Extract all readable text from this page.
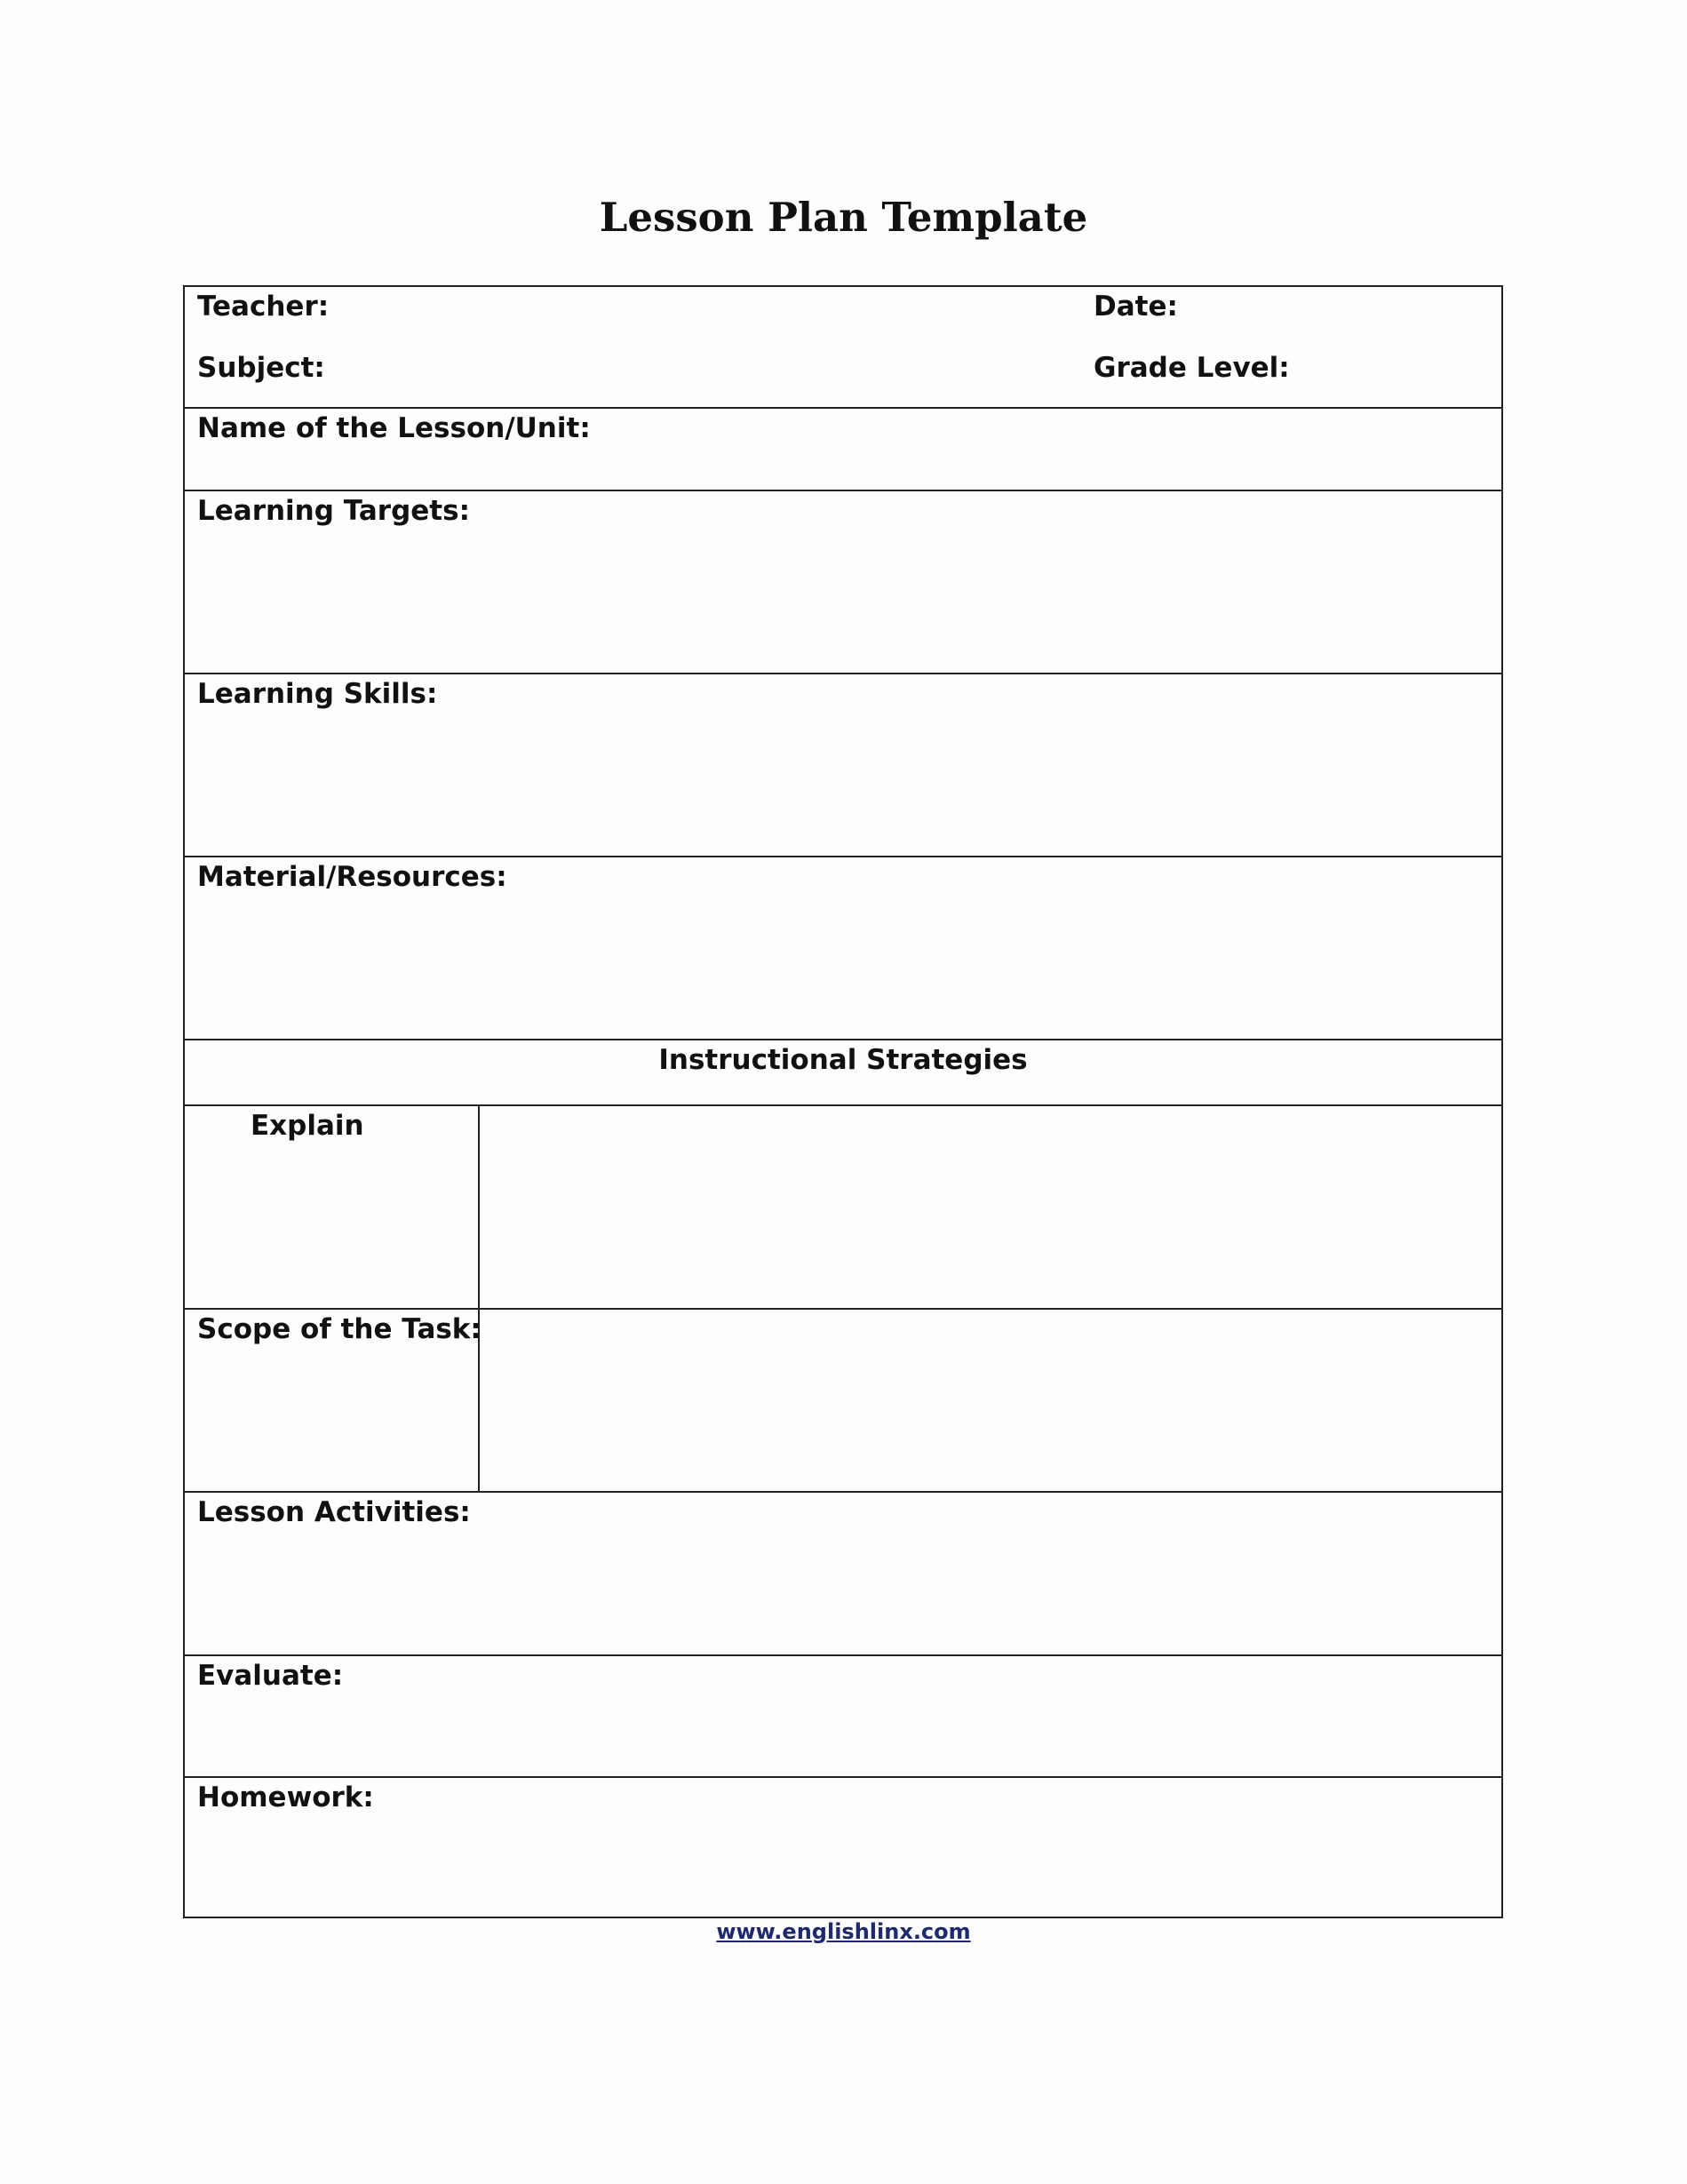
Lesson Plan Template
Teacher:	Date:
Subject:	Grade Level:
Name of the Lesson/Unit:
Learning Targets:
Learning Skills:
Material/Resources:
Instructional Strategies
Explain
Scope of the Task:
Lesson Activities:
Evaluate:
Homework:
www.englishlinx.com
